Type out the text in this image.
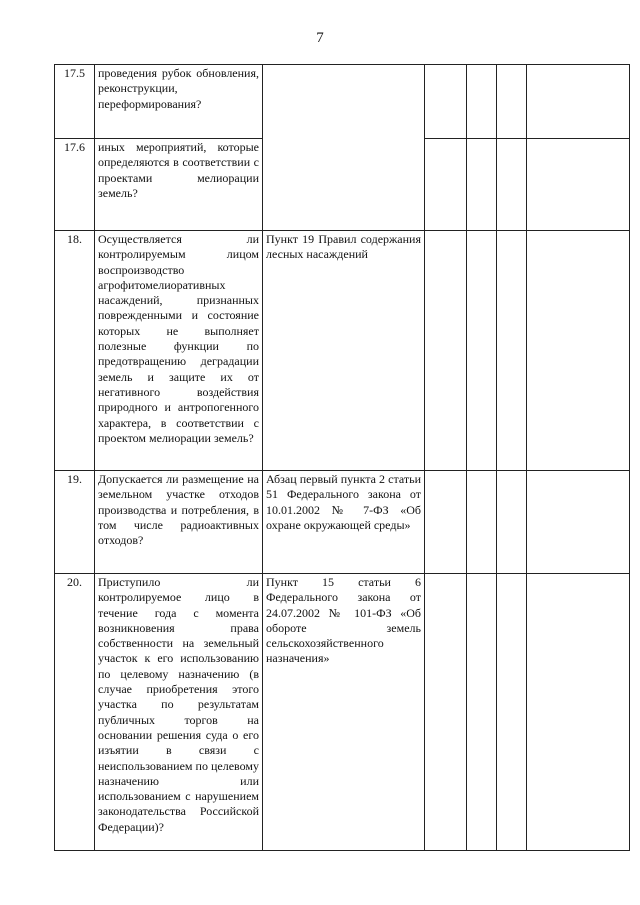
7
17.5	проведения рубок обновления, реконструкции, переформирования?					
17.6	иных мероприятий, которые определяются в соответствии с проектами мелиорации земель?					
18.	Осуществляется ли контролируемым лицом воспроизводство агрофитомелиоративных насаждений, признанных поврежденными и состояние которых не выполняет полезные функции по предотвращению деградации земель и защите их от негативного воздействия природного и антропогенного характера, в соответствии с проектом мелиорации земель?	Пункт 19 Правил содержания лесных насаждений				
19.	Допускается ли размещение на земельном участке отходов производства и потребления, в том числе радиоактивных отходов?	Абзац первый пункта 2 статьи 51 Федерального закона от 10.01.2002 № 7-ФЗ «Об охране окружающей среды»				
20.	Приступило ли контролируемое лицо в течение года с момента возникновения права собственности на земельный участок к его использованию по целевому назначению (в случае приобретения этого участка по результатам публичных торгов на основании решения суда о его изъятии в связи с неиспользованием по целевому назначению или использованием с нарушением законодательства Российской Федерации)?	Пункт 15 статьи 6 Федерального закона от 24.07.2002 № 101-ФЗ «Об обороте земель сельскохозяйственного назначения»				
